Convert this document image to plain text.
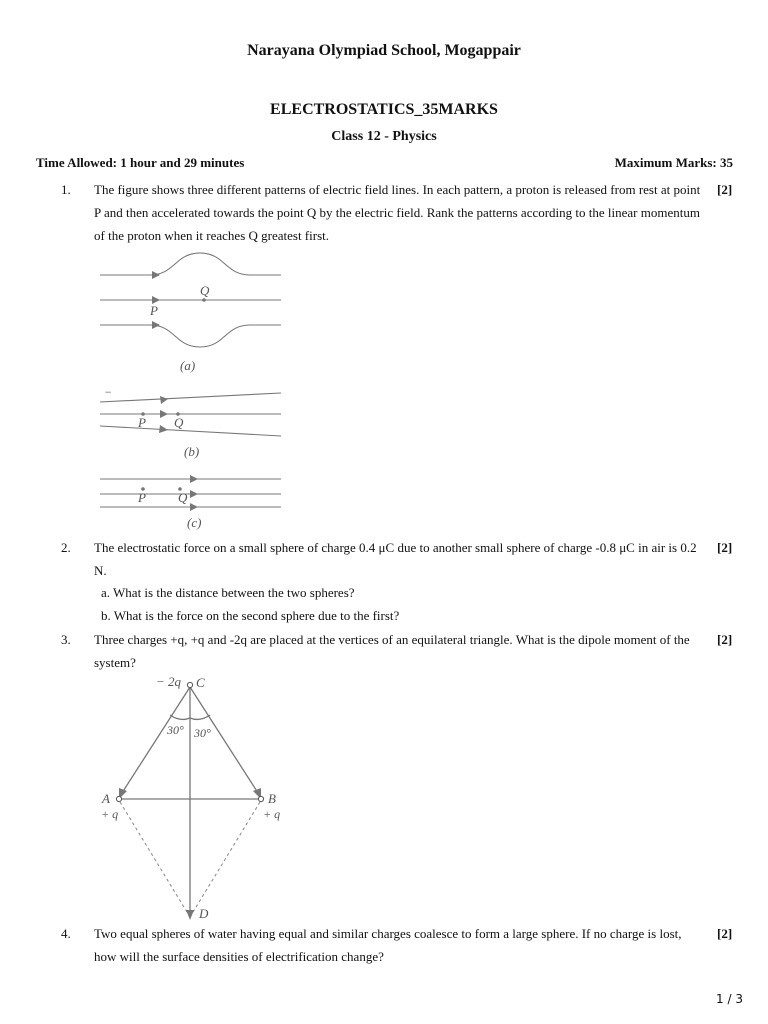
Narayana Olympiad School, Mogappair
ELECTROSTATICS_35MARKS
Class 12 - Physics
Time Allowed: 1 hour and 29 minutes	Maximum Marks: 35
1. The figure shows three different patterns of electric field lines. In each pattern, a proton is released from rest at point P and then accelerated towards the point Q by the electric field. Rank the patterns according to the linear momentum of the proton when it reaches Q greatest first.
[2]
Q
P
(a)
−
P Q
(b)
P Q
(c)
2. The electrostatic force on a small sphere of charge 0.4 μC due to another small sphere of charge -0.8 μC in air is 0.2 N.
[2]
a. What is the distance between the two spheres?
b. What is the force on the second sphere due to the first?
3. Three charges +q, +q and -2q are placed at the vertices of an equilateral triangle. What is the dipole moment of the system?
[2]
− 2q C
30° 30°
A
+ q
B
+ q
D
4. Two equal spheres of water having equal and similar charges coalesce to form a large sphere. If no charge is lost, how will the surface densities of electrification change?
[2]
1 / 3
